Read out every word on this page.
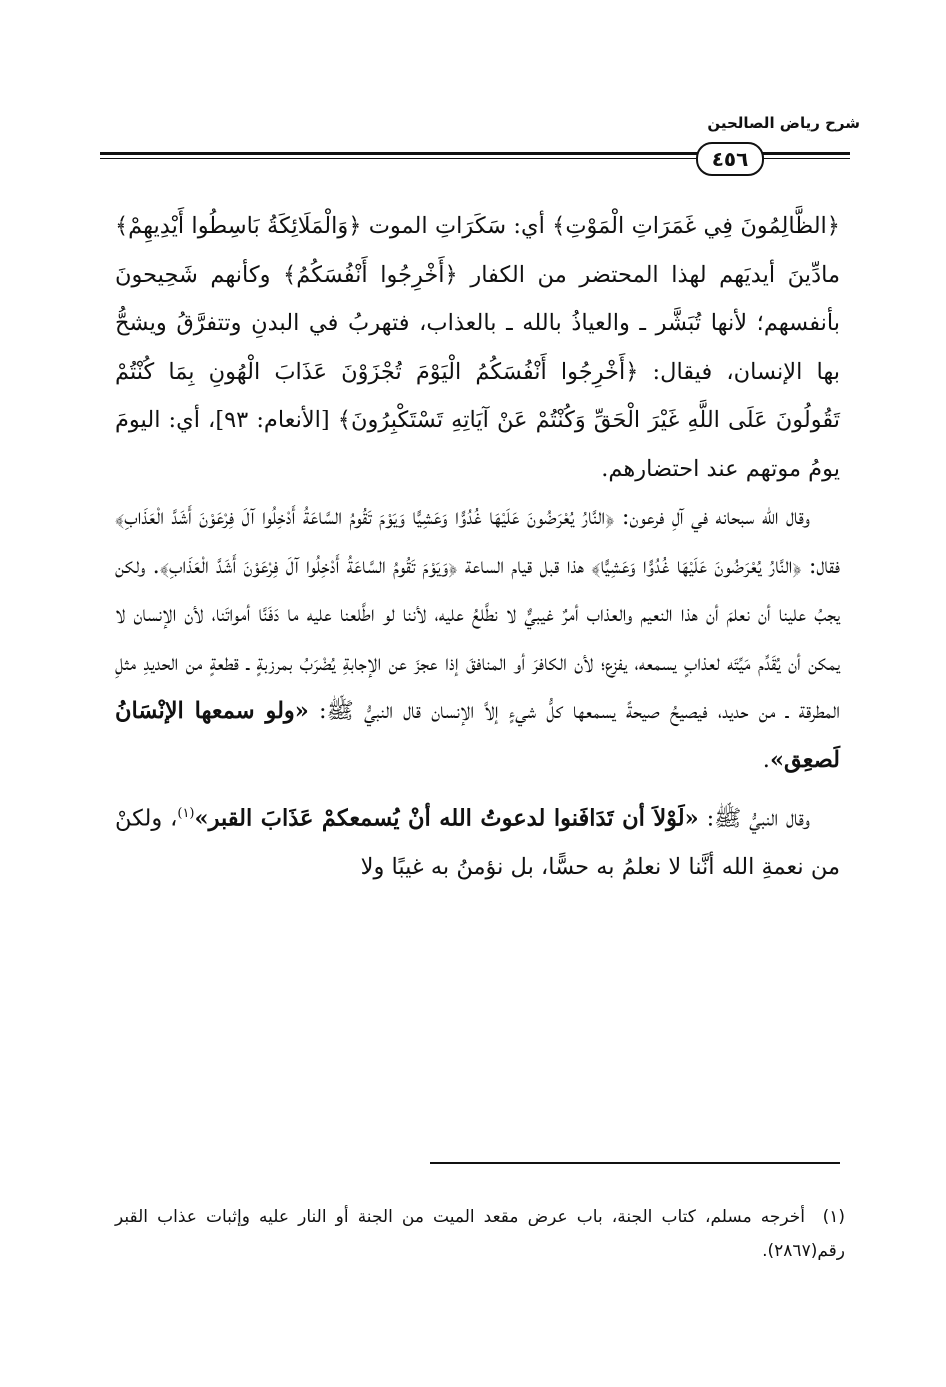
شرح رياض الصالحين
٤٥٦

﴿الظَّالِمُونَ فِي غَمَرَاتِ الْمَوْتِ﴾ أي: سَكَرَاتِ الموت ﴿وَالْمَلَائِكَةُ بَاسِطُوا أَيْدِيهِمْ﴾ مادِّينَ أيديَهم لهذا المحتضر من الكفار ﴿أَخْرِجُوا أَنْفُسَكُمُ﴾ وكأنهم شَحِيحونَ بأنفسهم؛ لأنها تُبَشَّر ـ والعياذُ بالله ـ بالعذاب، فتهربُ في البدنِ وتتفرَّقُ ويشحُّ بها الإنسان، فيقال: ﴿أَخْرِجُوا أَنْفُسَكُمُ الْيَوْمَ تُجْزَوْنَ عَذَابَ الْهُونِ بِمَا كُنْتُمْ تَقُولُونَ عَلَى اللَّهِ غَيْرَ الْحَقِّ وَكُنْتُمْ عَنْ آيَاتِهِ تَسْتَكْبِرُونَ﴾ [الأنعام: ٩٣]، أي: اليومَ يومُ موتهم عند احتضارهم.

وقال الله سبحانه في آلِ فرعون: ﴿النَّارُ يُعْرَضُونَ عَلَيْهَا غُدُوًّا وَعَشِيًّا وَيَوْمَ تَقُومُ السَّاعَةُ أَدْخِلُوا آلَ فِرْعَوْنَ أَشَدَّ الْعَذَابِ﴾ فقال: ﴿النَّارُ يُعْرَضُونَ عَلَيْهَا غُدُوًّا وَعَشِيًّا﴾ هذا قبل قيام الساعة ﴿وَيَوْمَ تَقُومُ السَّاعَةُ أَدْخِلُوا آلَ فِرْعَوْنَ أَشَدَّ الْعَذَابِ﴾. ولكن يجبُ علينا أن نعلمَ أن هذا النعيم والعذاب أمرٌ غيبيٌّ لا نطَّلعُ عليه، لأننا لو اطَّلعنا عليه ما دَفَنَّا أمواتَنا، لأن الإنسان لا يمكن أن يُقَدِّم مَيِّتَه لعذابٍ يسمعه، يفزع؛ لأن الكافرَ أو المنافقَ إذا عجزَ عن الإجابةِ يُضْرَبُ بمرزبةٍ ـ قطعةٍ من الحديدِ مثلِ المطرقة ـ من حديد، فيصيحُ صيحةً يسمعها كلُّ شيءٍ إلاَّ الإنسان قال النبيُّ ﷺ: «ولو سمعها الإنْسَانُ لَصعِق».

وقال النبيُّ ﷺ: «لَوْلاَ أن تَدَافَنوا لدعوتُ الله أنْ يُسمعكمْ عَذَابَ القبر»$^{(١)}$، ولكنْ من نعمةِ الله أنَّنا لا نعلمُ به حسًّا، بل نؤمنُ به غيبًا ولا

(١)أخرجه مسلم، كتاب الجنة، باب عرض مقعد الميت من الجنة أو النار عليه وإثبات عذاب القبر رقم(٢٨٦٧).
